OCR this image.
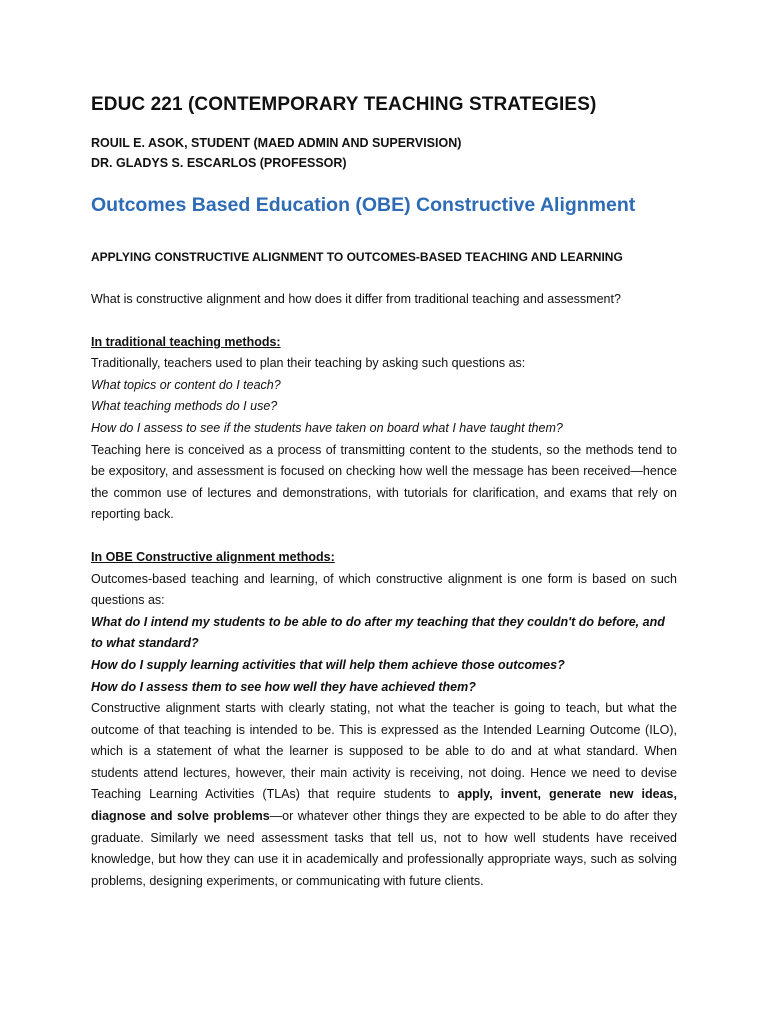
EDUC 221 (CONTEMPORARY TEACHING STRATEGIES)

ROUIL E. ASOK, STUDENT (MAED ADMIN AND SUPERVISION)

DR. GLADYS S. ESCARLOS (PROFESSOR)

Outcomes Based Education (OBE) Constructive Alignment
APPLYING CONSTRUCTIVE ALIGNMENT TO OUTCOMES-BASED TEACHING AND LEARNING

What is constructive alignment and how does it differ from traditional teaching and assessment?

In traditional teaching methods:

Traditionally, teachers used to plan their teaching by asking such questions as:

What topics or content do I teach?

What teaching methods do I use?

How do I assess to see if the students have taken on board what I have taught them?

Teaching here is conceived as a process of transmitting content to the students, so the methods tend to be expository, and assessment is focused on checking how well the message has been received—hence the common use of lectures and demonstrations, with tutorials for clarification, and exams that rely on reporting back.

In OBE Constructive alignment methods:

Outcomes-based teaching and learning, of which constructive alignment is one form is based on such questions as:

What do I intend my students to be able to do after my teaching that they couldn't do before, and to what standard?

How do I supply learning activities that will help them achieve those outcomes?

How do I assess them to see how well they have achieved them?

Constructive alignment starts with clearly stating, not what the teacher is going to teach, but what the outcome of that teaching is intended to be. This is expressed as the Intended Learning Outcome (ILO), which is a statement of what the learner is supposed to be able to do and at what standard. When students attend lectures, however, their main activity is receiving, not doing. Hence we need to devise Teaching Learning Activities (TLAs) that require students to apply, invent, generate new ideas, diagnose and solve problems—or whatever other things they are expected to be able to do after they graduate. Similarly we need assessment tasks that tell us, not to how well students have received knowledge, but how they can use it in academically and professionally appropriate ways, such as solving problems, designing experiments, or communicating with future clients.
